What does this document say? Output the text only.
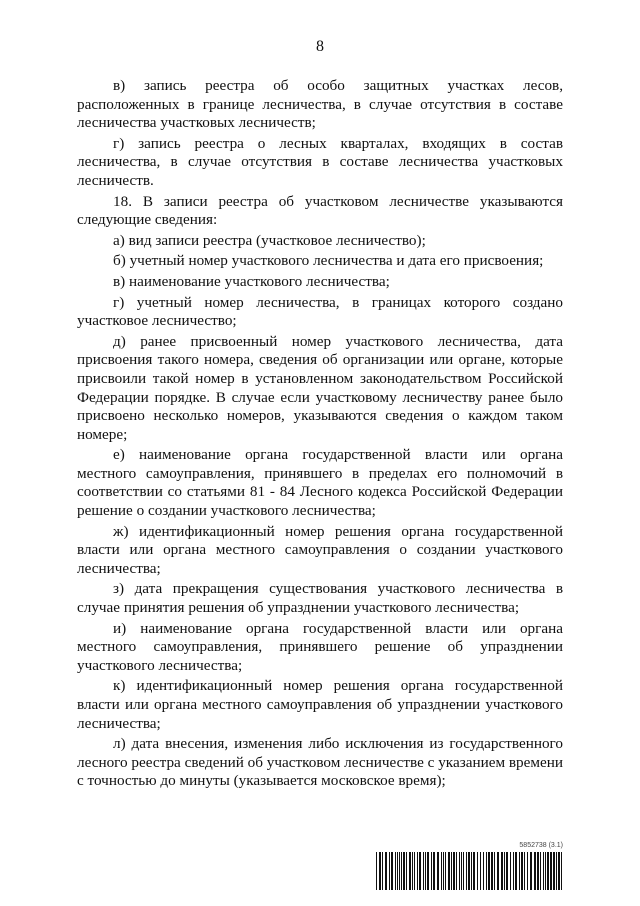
8

в) запись реестра об особо защитных участках лесов, расположенных в границе лесничества, в случае отсутствия в составе лесничества участковых лесничеств;

г) запись реестра о лесных кварталах, входящих в состав лесничества, в случае отсутствия в составе лесничества участковых лесничеств.

18. В записи реестра об участковом лесничестве указываются следующие сведения:

а) вид записи реестра (участковое лесничество);

б) учетный номер участкового лесничества и дата его присвоения;

в) наименование участкового лесничества;

г) учетный номер лесничества, в границах которого создано участковое лесничество;

д) ранее присвоенный номер участкового лесничества, дата присвоения такого номера, сведения об организации или органе, которые присвоили такой номер в установленном законодательством Российской Федерации порядке. В случае если участковому лесничеству ранее было присвоено несколько номеров, указываются сведения о каждом таком номере;

е) наименование органа государственной власти или органа местного самоуправления, принявшего в пределах его полномочий в соответствии со статьями 81 - 84 Лесного кодекса Российской Федерации решение о создании участкового лесничества;

ж) идентификационный номер решения органа государственной власти или органа местного самоуправления о создании участкового лесничества;

з) дата прекращения существования участкового лесничества в случае принятия решения об упразднении участкового лесничества;

и) наименование органа государственной власти или органа местного самоуправления, принявшего решение об упразднении участкового лесничества;

к) идентификационный номер решения органа государственной власти или органа местного самоуправления об упразднении участкового лесничества;

л) дата внесения, изменения либо исключения из государственного лесного реестра сведений об участковом лесничестве с указанием времени с точностью до минуты (указывается московское время);

5852738 (3.1)
